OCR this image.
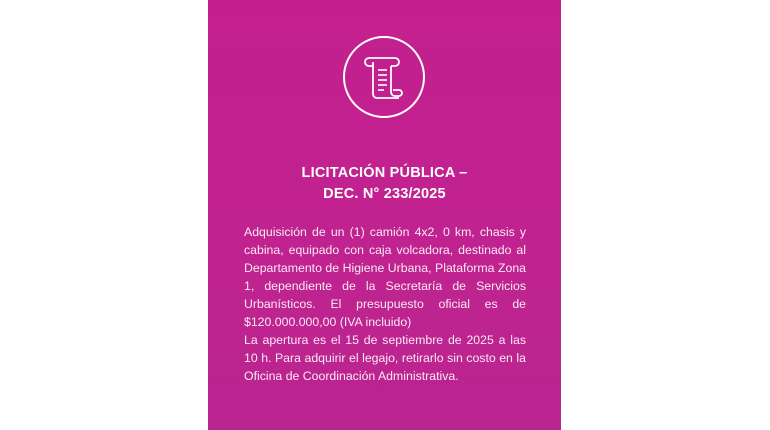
LICITACIÓN PÚBLICA –
DEC. N° 233/2025

Adquisición de un (1) camión 4x2, 0 km, chasis y cabina, equipado con caja volcadora, destinado al Departamento de Higiene Urbana, Plataforma Zona 1, dependiente de la Secretaría de Servicios Urbanísticos. El presupuesto oficial es de $120.000.000,00 (IVA incluido)

La apertura es el 15 de septiembre de 2025 a las 10 h. Para adquirir el legajo, retirarlo sin costo en la Oficina de Coordinación Administrativa.
